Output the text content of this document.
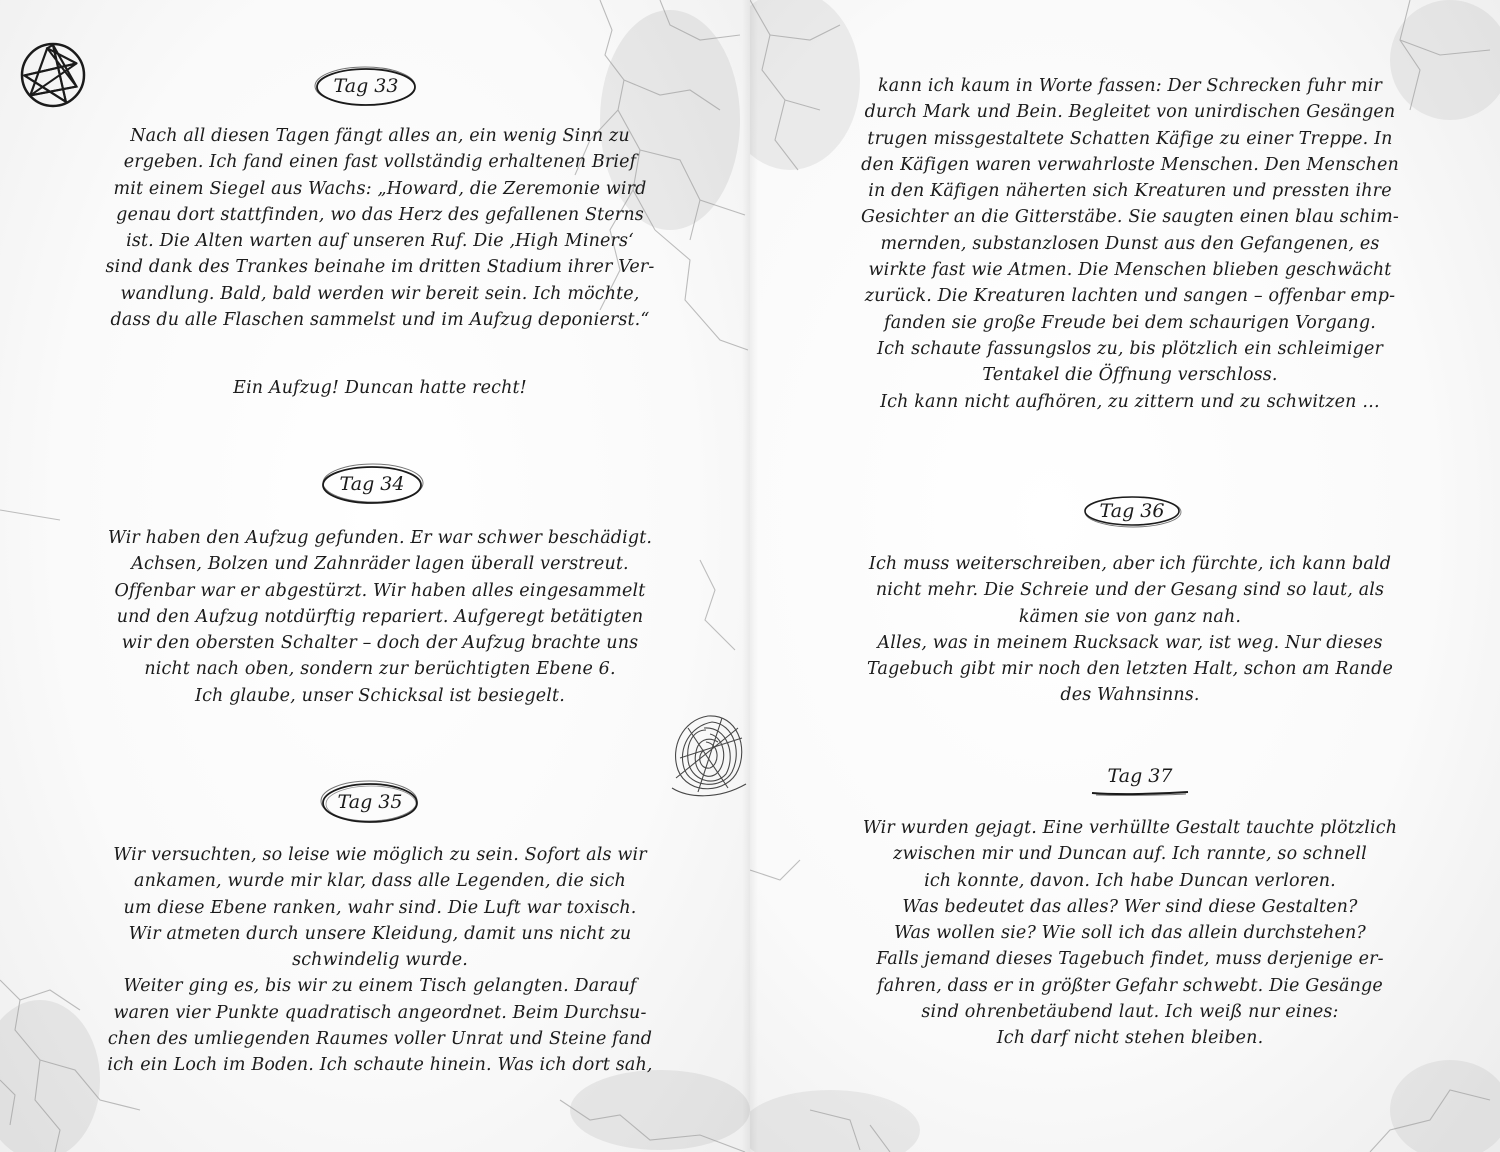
Tag 33

Nach all diesen Tagen fängt alles an, ein wenig Sinn zu

ergeben. Ich fand einen fast vollständig erhaltenen Brief

mit einem Siegel aus Wachs: „Howard, die Zeremonie wird

genau dort stattfinden, wo das Herz des gefallenen Sterns

ist. Die Alten warten auf unseren Ruf. Die ‚High Miners‘

sind dank des Trankes beinahe im dritten Stadium ihrer Ver-

wandlung. Bald, bald werden wir bereit sein. Ich möchte,

dass du alle Flaschen sammelst und im Aufzug deponierst.“

Ein Aufzug! Duncan hatte recht!

Tag 34

Wir haben den Aufzug gefunden. Er war schwer beschädigt.

Achsen, Bolzen und Zahnräder lagen überall verstreut.

Offenbar war er abgestürzt. Wir haben alles eingesammelt

und den Aufzug notdürftig repariert. Aufgeregt betätigten

wir den obersten Schalter – doch der Aufzug brachte uns

nicht nach oben, sondern zur berüchtigten Ebene 6.

Ich glaube, unser Schicksal ist besiegelt.

Tag 35

Wir versuchten, so leise wie möglich zu sein. Sofort als wir

ankamen, wurde mir klar, dass alle Legenden, die sich

um diese Ebene ranken, wahr sind. Die Luft war toxisch.

Wir atmeten durch unsere Kleidung, damit uns nicht zu

schwindelig wurde.

Weiter ging es, bis wir zu einem Tisch gelangten. Darauf

waren vier Punkte quadratisch angeordnet. Beim Durchsu-

chen des umliegenden Raumes voller Unrat und Steine fand

ich ein Loch im Boden. Ich schaute hinein. Was ich dort sah,

kann ich kaum in Worte fassen: Der Schrecken fuhr mir

durch Mark und Bein. Begleitet von unirdischen Gesängen

trugen missgestaltete Schatten Käfige zu einer Treppe. In

den Käfigen waren verwahrloste Menschen. Den Menschen

in den Käfigen näherten sich Kreaturen und pressten ihre

Gesichter an die Gitterstäbe. Sie saugten einen blau schim-

mernden, substanzlosen Dunst aus den Gefangenen, es

wirkte fast wie Atmen. Die Menschen blieben geschwächt

zurück. Die Kreaturen lachten und sangen – offenbar emp-

fanden sie große Freude bei dem schaurigen Vorgang.

Ich schaute fassungslos zu, bis plötzlich ein schleimiger

Tentakel die Öffnung verschloss.

Ich kann nicht aufhören, zu zittern und zu schwitzen …

Tag 36

Ich muss weiterschreiben, aber ich fürchte, ich kann bald

nicht mehr. Die Schreie und der Gesang sind so laut, als

kämen sie von ganz nah.

Alles, was in meinem Rucksack war, ist weg. Nur dieses

Tagebuch gibt mir noch den letzten Halt, schon am Rande

des Wahnsinns.

Tag 37

Wir wurden gejagt. Eine verhüllte Gestalt tauchte plötzlich

zwischen mir und Duncan auf. Ich rannte, so schnell

ich konnte, davon. Ich habe Duncan verloren.

Was bedeutet das alles? Wer sind diese Gestalten?

Was wollen sie? Wie soll ich das allein durchstehen?

Falls jemand dieses Tagebuch findet, muss derjenige er-

fahren, dass er in größter Gefahr schwebt. Die Gesänge

sind ohrenbetäubend laut. Ich weiß nur eines:

Ich darf nicht stehen bleiben.
